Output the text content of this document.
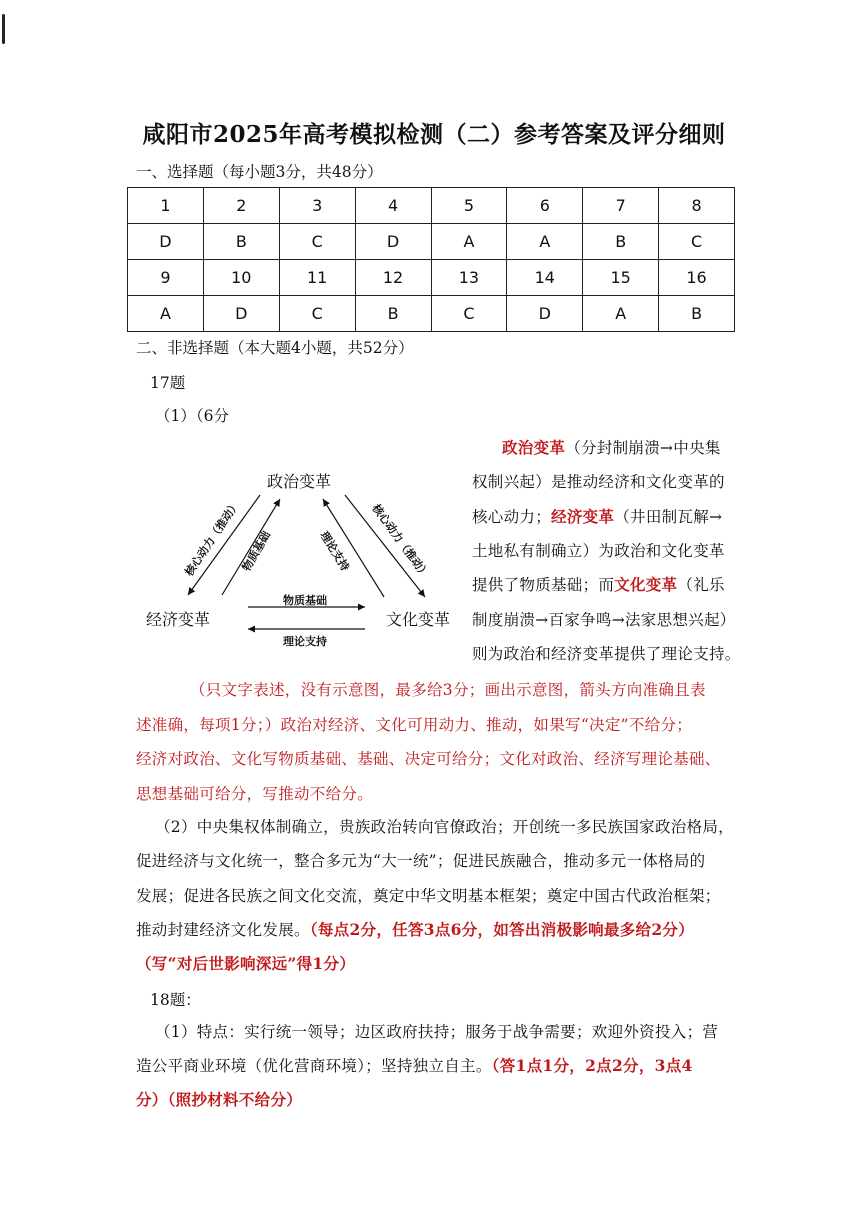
咸阳市2025年高考模拟检测（二）参考答案及评分细则
一、选择题（每小题3分，共48分）
1	2	3	4	5	6	7	8
D	B	C	D	A	A	B	C
9	10	11	12	13	14	15	16
A	D	C	B	C	D	A	B
二、非选择题（本大题4小题，共52分）
17题
（1）（6分
政治变革
经济变革	文化变革
核心动力（推动）
物质基础	核心动力（推动）
理论支持
物质基础
理论支持
政治变革（分封制崩溃→中央集
权制兴起）是推动经济和文化变革的
核心动力；经济变革（井田制瓦解→
土地私有制确立）为政治和文化变革
提供了物质基础；而文化变革（礼乐
制度崩溃→百家争鸣→法家思想兴起）
则为政治和经济变革提供了理论支持。
（只文字表述，没有示意图，最多给3分；画出示意图，箭头方向准确且表
述准确，每项1分；）政治对经济、文化可用动力、推动，如果写“决定”不给分；
经济对政治、文化写物质基础、基础、决定可给分；文化对政治、经济写理论基础、
思想基础可给分，写推动不给分。
（2）中央集权体制确立，贵族政治转向官僚政治；开创统一多民族国家政治格局，
促进经济与文化统一，整合多元为“大一统”；促进民族融合，推动多元一体格局的
发展；促进各民族之间文化交流，奠定中华文明基本框架；奠定中国古代政治框架；
推动封建经济文化发展。（每点2分，任答3点6分，如答出消极影响最多给2分）
（写“对后世影响深远”得1分）
18题：
（1）特点：实行统一领导；边区政府扶持；服务于战争需要；欢迎外资投入；营
造公平商业环境（优化营商环境）；坚持独立自主。（答1点1分，2点2分，3点4
分）（照抄材料不给分）
